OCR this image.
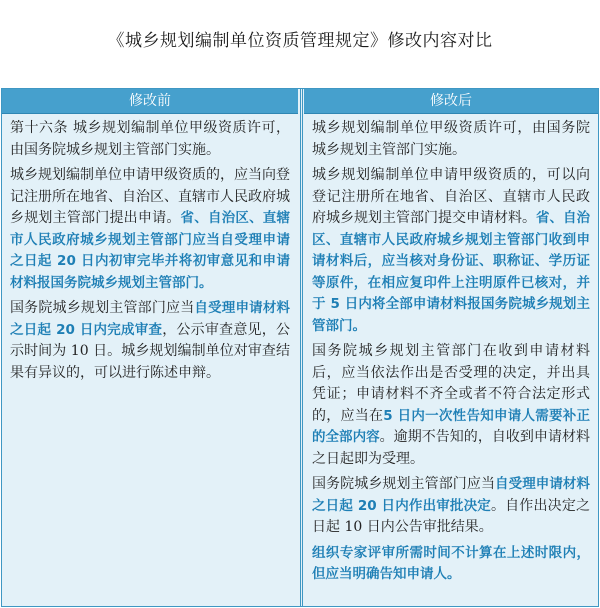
《城乡规划编制单位资质管理规定》修改内容对比
修改前

第十六条 城乡规划编制单位甲级资质许可，由国务院城乡规划主管部门实施。

城乡规划编制单位申请甲级资质的，应当向登记注册所在地省、自治区、直辖市人民政府城乡规划主管部门提出申请。省、自治区、直辖市人民政府城乡规划主管部门应当自受理申请之日起 20 日内初审完毕并将初审意见和申请材料报国务院城乡规划主管部门。

国务院城乡规划主管部门应当自受理申请材料之日起 20 日内完成审查，公示审查意见，公示时间为 10 日。城乡规划编制单位对审查结果有异议的，可以进行陈述申辩。

修改后

城乡规划编制单位甲级资质许可，由国务院城乡规划主管部门实施。

城乡规划编制单位申请甲级资质的，可以向登记注册所在地省、自治区、直辖市人民政府城乡规划主管部门提交申请材料。省、自治区、直辖市人民政府城乡规划主管部门收到申请材料后，应当核对身份证、职称证、学历证等原件，在相应复印件上注明原件已核对，并于 5 日内将全部申请材料报国务院城乡规划主管部门。

国务院城乡规划主管部门在收到申请材料后，应当依法作出是否受理的决定，并出具凭证；申请材料不齐全或者不符合法定形式的，应当在5 日内一次性告知申请人需要补正的全部内容。逾期不告知的，自收到申请材料之日起即为受理。

国务院城乡规划主管部门应当自受理申请材料之日起 20 日内作出审批决定。自作出决定之日起 10 日内公告审批结果。

组织专家评审所需时间不计算在上述时限内，但应当明确告知申请人。
